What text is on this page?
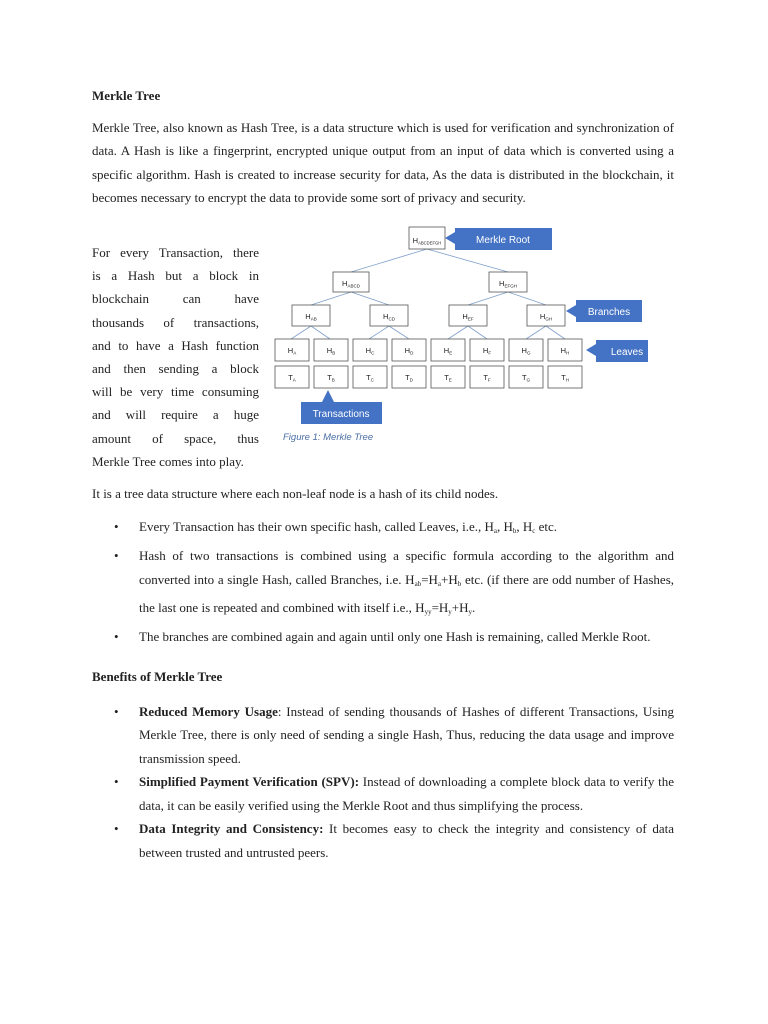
Merkle Tree

Merkle Tree, also known as Hash Tree, is a data structure which is used for verification and synchronization of data. A Hash is like a fingerprint, encrypted unique output from an input of data which is converted using a specific algorithm. Hash is created to increase security for data, As the data is distributed in the blockchain, it becomes necessary to encrypt the data to provide some sort of privacy and security.

For every Transaction, there
is a Hash but a block in
blockchain can have
thousands of transactions,
and to have a Hash function
and then sending a block
will be very time consuming
and will require a huge
amount of space, thus
Merkle Tree comes into play.
$H_{ABCDEFGH}$
$H_{ABCD}$	$H_{EFGH}$
$H_{AB}$	$H_{CD}$	$H_{EF}$	$H_{GH}$
$H_A$	$H_B$	$H_C$	$H_D$	$H_E$	$H_F$	$H_G$	$H_H$
$T_A$	$T_B$	$T_C$	$T_D$	$T_E$	$T_F$	$T_G$	$T_H$
Merkle Root
Branches
Leaves
Transactions
Figure 1: Merkle Tree

It is a tree data structure where each non-leaf node is a hash of its child nodes.

• Every Transaction has their own specific hash, called Leaves, i.e., $H_a$, $H_b$, $H_c$ etc.
• Hash of two transactions is combined using a specific formula according to the algorithm and converted into a single Hash, called Branches, i.e. $H_{ab}=H_a+H_b$ etc. (if there are odd number of Hashes, the last one is repeated and combined with itself i.e., $H_{yy}=H_y+H_y$.
• The branches are combined again and again until only one Hash is remaining, called Merkle Root.
Benefits of Merkle Tree
• Reduced Memory Usage: Instead of sending thousands of Hashes of different Transactions, Using Merkle Tree, there is only need of sending a single Hash, Thus, reducing the data usage and improve transmission speed.
• Simplified Payment Verification (SPV): Instead of downloading a complete block data to verify the data, it can be easily verified using the Merkle Root and thus simplifying the process.
• Data Integrity and Consistency: It becomes easy to check the integrity and consistency of data between trusted and untrusted peers.
